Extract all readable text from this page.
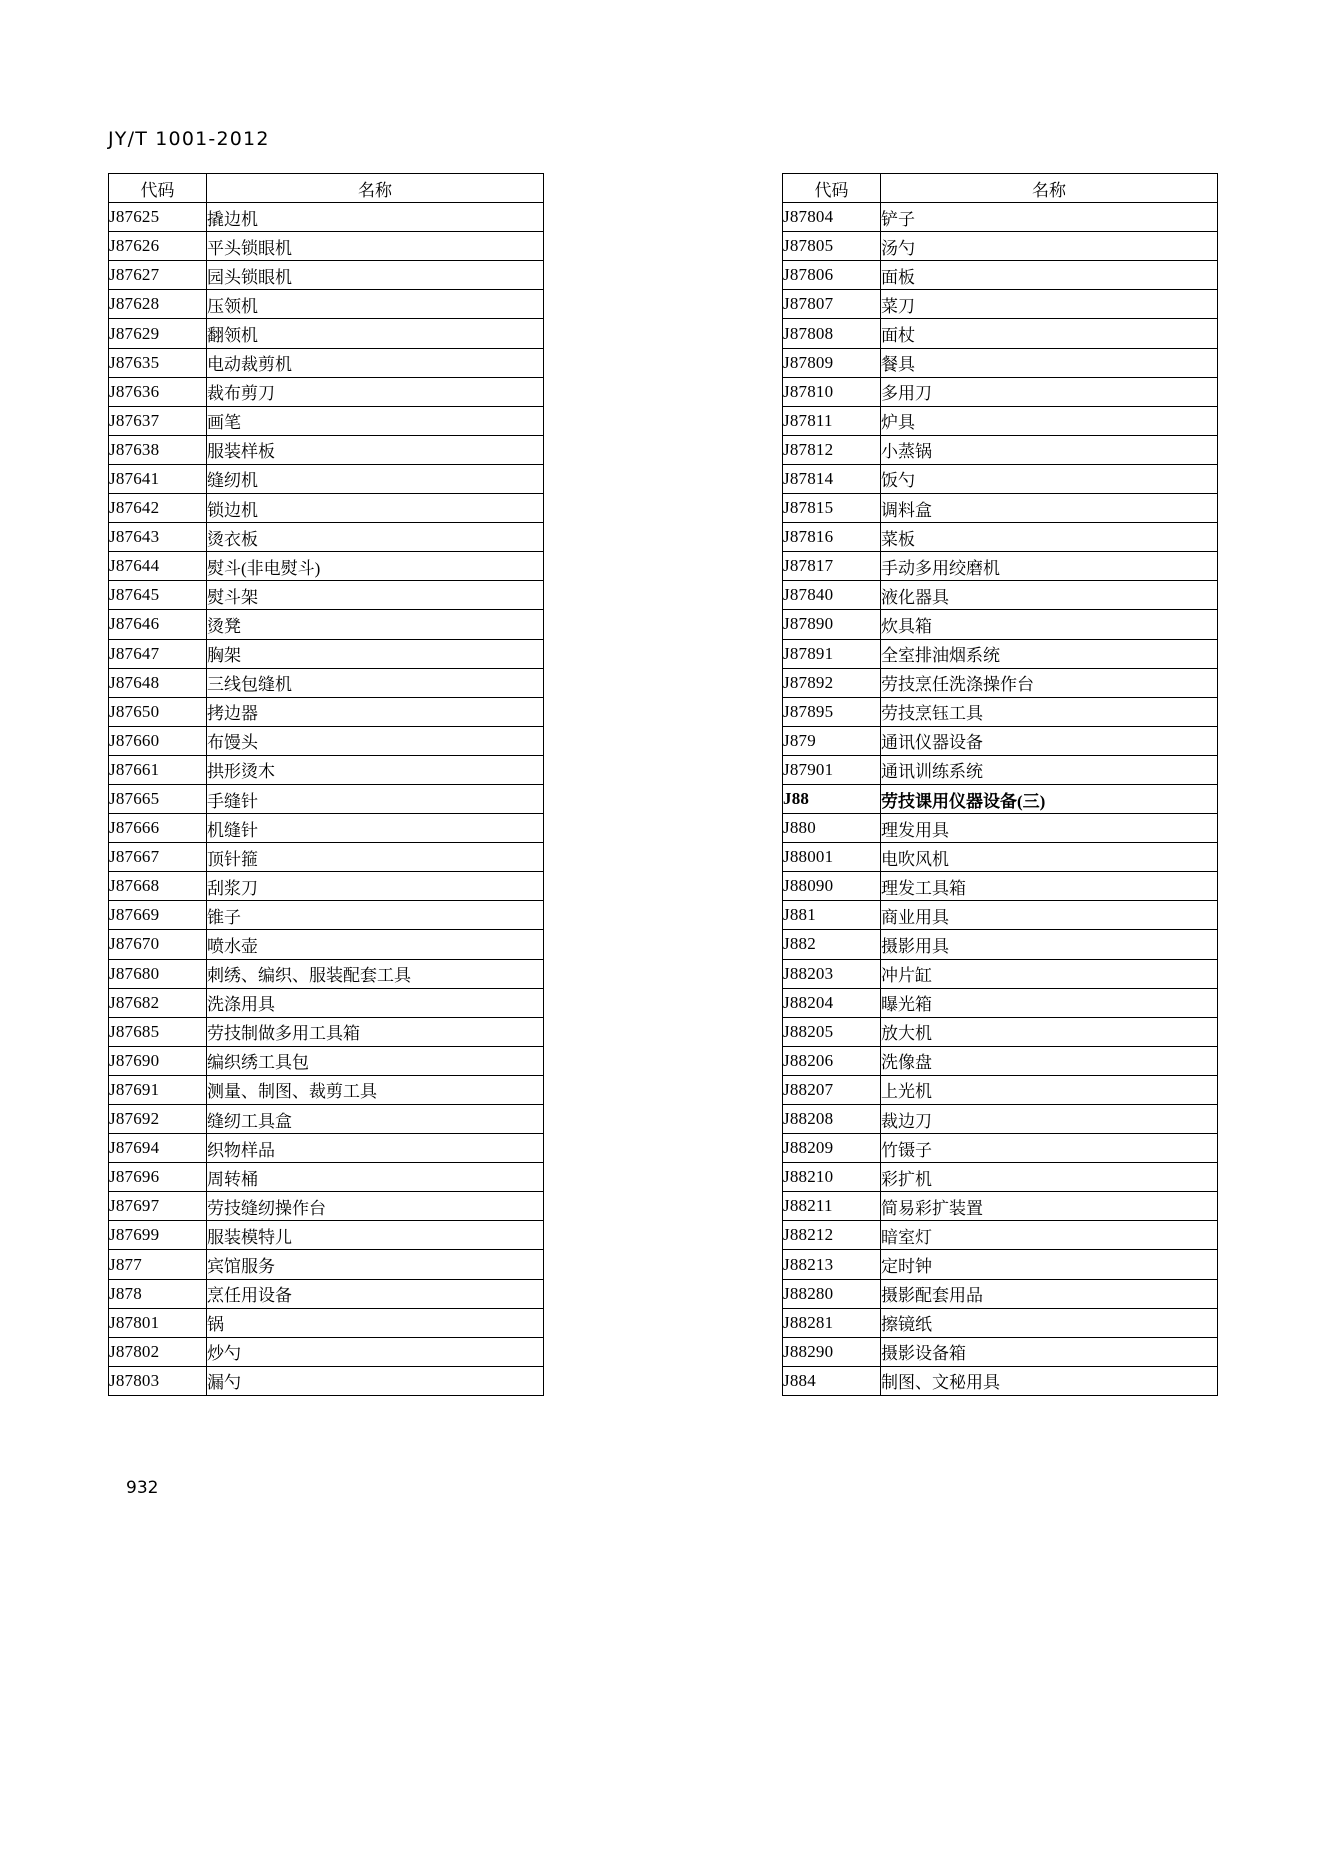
JY/T 1001-2012
代码	名称
J87625	撬边机
J87626	平头锁眼机
J87627	园头锁眼机
J87628	压领机
J87629	翻领机
J87635	电动裁剪机
J87636	裁布剪刀
J87637	画笔
J87638	服装样板
J87641	缝纫机
J87642	锁边机
J87643	烫衣板
J87644	熨斗(非电熨斗)
J87645	熨斗架
J87646	烫凳
J87647	胸架
J87648	三线包缝机
J87650	拷边器
J87660	布馒头
J87661	拱形烫木
J87665	手缝针
J87666	机缝针
J87667	顶针箍
J87668	刮浆刀
J87669	锥子
J87670	喷水壶
J87680	刺绣、编织、服装配套工具
J87682	洗涤用具
J87685	劳技制做多用工具箱
J87690	编织绣工具包
J87691	测量、制图、裁剪工具
J87692	缝纫工具盒
J87694	织物样品
J87696	周转桶
J87697	劳技缝纫操作台
J87699	服装模特儿
J877	宾馆服务
J878	烹任用设备
J87801	锅
J87802	炒勺
J87803	漏勺
代码	名称
J87804	铲子
J87805	汤勺
J87806	面板
J87807	菜刀
J87808	面杖
J87809	餐具
J87810	多用刀
J87811	炉具
J87812	小蒸锅
J87814	饭勺
J87815	调料盒
J87816	菜板
J87817	手动多用绞磨机
J87840	液化器具
J87890	炊具箱
J87891	全室排油烟系统
J87892	劳技烹任洗涤操作台
J87895	劳技烹钰工具
J879	通讯仪器设备
J87901	通讯训练系统
J88	劳技课用仪器设备(三)
J880	理发用具
J88001	电吹风机
J88090	理发工具箱
J881	商业用具
J882	摄影用具
J88203	冲片缸
J88204	曝光箱
J88205	放大机
J88206	洗像盘
J88207	上光机
J88208	裁边刀
J88209	竹镊子
J88210	彩扩机
J88211	简易彩扩装置
J88212	暗室灯
J88213	定时钟
J88280	摄影配套用品
J88281	擦镜纸
J88290	摄影设备箱
J884	制图、文秘用具
932
